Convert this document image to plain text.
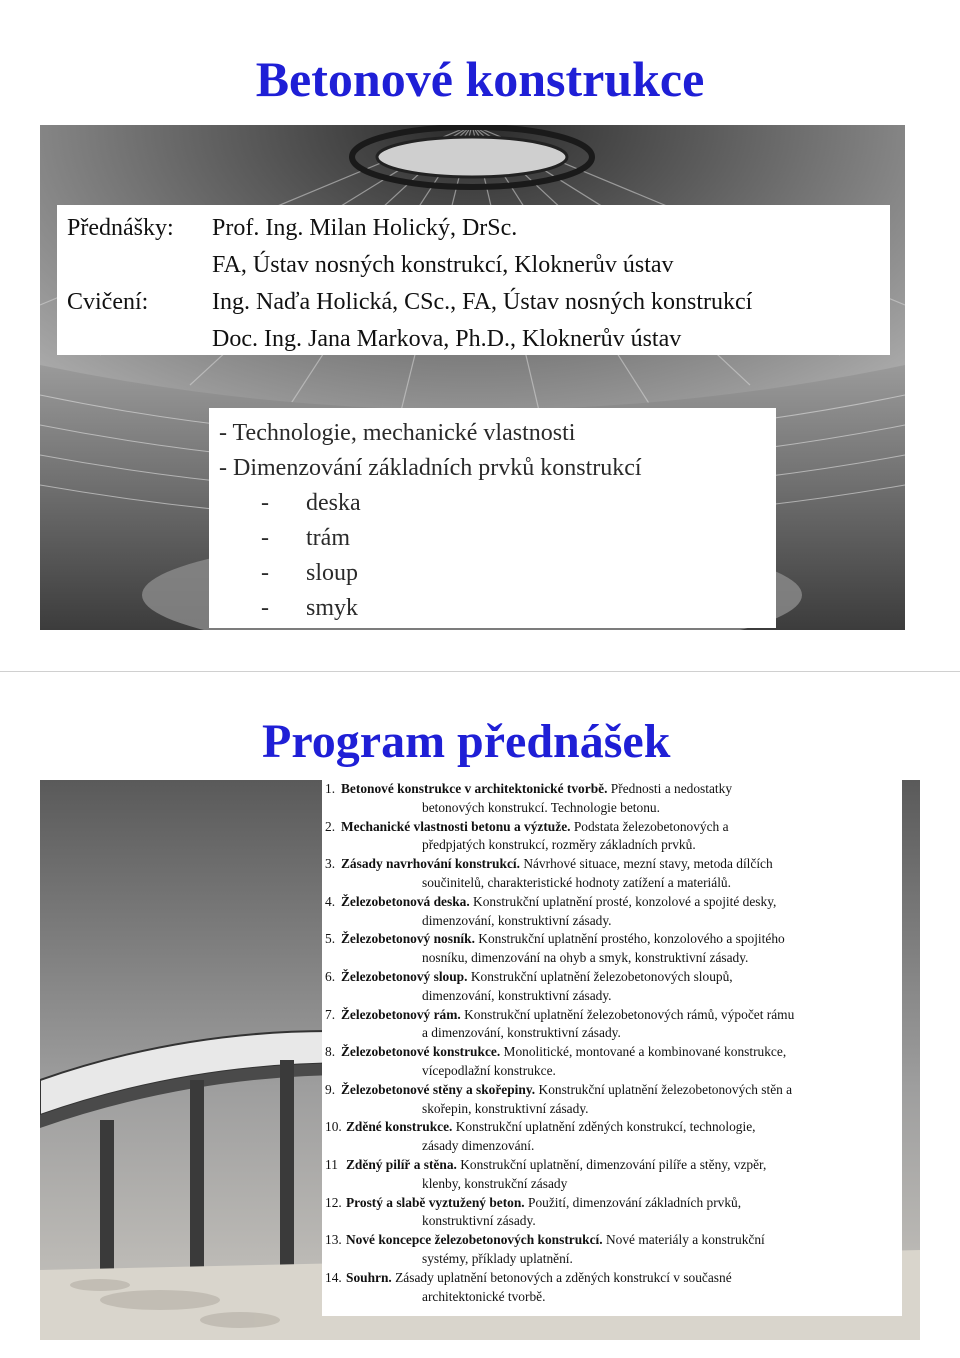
Betonové konstrukce
Přednášky:	Prof. Ing. Milan Holický, DrSc.
FA, Ústav nosných konstrukcí, Kloknerův ústav
Cvičení:	Ing. Naďa Holická, CSc., FA, Ústav nosných konstrukcí
Doc. Ing. Jana Markova, Ph.D., Kloknerův ústav
- Technologie, mechanické vlastnosti
- Dimenzování základních prvků konstrukcí
- deska
- trám
- sloup
- smyk
Program přednášek
1. Betonové konstrukce v architektonické tvorbě. Přednosti a nedostatky
betonových konstrukcí. Technologie betonu.
2. Mechanické vlastnosti betonu a výztuže. Podstata železobetonových a
předpjatých konstrukcí, rozměry základních prvků.
3. Zásady navrhování konstrukcí. Návrhové situace, mezní stavy, metoda dílčích
součinitelů, charakteristické hodnoty zatížení a materiálů.
4. Železobetonová deska. Konstrukční uplatnění prosté, konzolové a spojité desky,
dimenzování, konstruktivní zásady.
5. Železobetonový nosník. Konstrukční uplatnění prostého, konzolového a spojitého
nosníku, dimenzování na ohyb a smyk, konstruktivní zásady.
6. Železobetonový sloup. Konstrukční uplatnění železobetonových sloupů,
dimenzování, konstruktivní zásady.
7. Železobetonový rám. Konstrukční uplatnění železobetonových rámů, výpočet rámu
a dimenzování, konstruktivní zásady.
8. Železobetonové konstrukce. Monolitické, montované a kombinované konstrukce,
vícepodlažní konstrukce.
9. Železobetonové stěny a skořepiny. Konstrukční uplatnění železobetonových stěn a
skořepin, konstruktivní zásady.
10. Zděné konstrukce. Konstrukční uplatnění zděných konstrukcí, technologie,
zásady dimenzování.
11 Zděný pilíř a stěna. Konstrukční uplatnění, dimenzování pilíře a stěny, vzpěr,
klenby, konstrukční zásady
12. Prostý a slabě vyztužený beton. Použití, dimenzování základních prvků,
konstruktivní zásady.
13. Nové koncepce železobetonových konstrukcí. Nové materiály a konstrukční
systémy, příklady uplatnění.
14. Souhrn. Zásady uplatnění betonových a zděných konstrukcí v současné
architektonické tvorbě.
